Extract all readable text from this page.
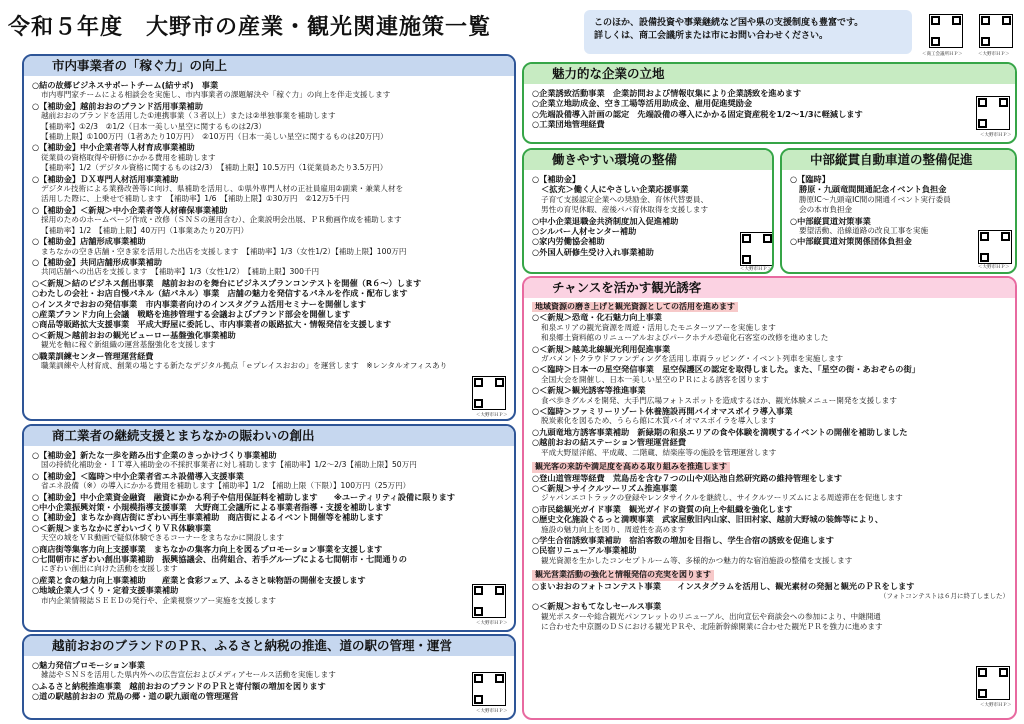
令和５年度　大野市の産業・観光関連施策一覧	このほか、設備投資や事業継続など国や県の支援制度も豊富です。
詳しくは、商工会議所または市にお問い合わせください。
＜商工会議所ＨＰ＞	＜大野市ＨＰ＞
市内事業者の「稼ぐ力」の向上
○結の故郷ビジネスサポートチーム(結サポ)　事業
市内専門家チームによる相談会を実施し、市内事業者の課題解決や「稼ぐ力」の向上を伴走支援します
○【補助金】越前おおのブランド活用事業補助
越前おおのブランドを活用した①連携事業（３者以上）または②単独事業を補助します
【補助率】①2/3　②1/2（日本一美しい星空に関するものは2/3）
【補助上限】①100万円（1者あたり10万円）　②10万円（日本一美しい星空に関するものは20万円）
○【補助金】中小企業者等人材育成事業補助
従業員の資格取得や研修にかかる費用を補助します
【補助率】1/2（デジタル資格に関するものは2/3）　【補助上限】10.5万円（1従業員あたり3.5万円）
○【補助金】ＤＸ専門人材活用事業補助
デジタル技術による業務改善等に向け、県補助を活用し、①県外専門人材の正社員雇用②副業・兼業人材を
活用した際に、上乗せで補助します　【補助率】1/6　【補助上限】①30万円　②12万5千円
○【補助金】＜新規＞中小企業者等人材確保事業補助
採用のためのホームページ作成・改修（ＳＮＳの運用含む）、企業説明会出展、ＰＲ動画作成を補助します
【補助率】1/2　【補助上限】40万円（1事業あたり20万円）
○【補助金】店舗形成事業補助
まちなかの空き店舗・空き家を活用した出店を支援します　【補助率】1/3（女性1/2）【補助上限】100万円
○【補助金】共同店舗形成事業補助
共同店舗への出店を支援します　【補助率】1/3（女性1/2）　【補助上限】300千円
○＜新規＞結のビジネス創出事業　越前おおのを舞台にビジネスプランコンテストを開催（R６～）します
○わたしの会社・お店自慢パネル（結パネル）事業　店舗の魅力を発信するパネルを作成・配布します
○インスタでおおの発信事業　市内事業者向けのインスタグラム活用セミナーを開催します
○産業ブランド力向上会議　戦略を進捗管理する会議およびブランド部会を開催します
○商品等販路拡大支援事業　平成大野屋に委託し、市内事業者の販路拡大・情報発信を支援します
○＜新規＞越前おおの観光ビューロー基盤強化事業補助
観光を軸に稼ぐ新組織の運営基盤強化を支援します
○職業訓練センター管理運営経費
職業訓練や人材育成、創業の場とする新たなデジタル拠点「ｅプレイスおおの」を運営します　※レンタルオフィスあり
＜大野市ＨＰ＞
商工業者の継続支援とまちなかの賑わいの創出
○【補助金】新たな一歩を踏み出す企業のきっかけづくり事業補助
国の持続化補助金・ＩＴ導入補助金の不採択事業者に対し補助します【補助率】1/2～2/3【補助上限】50万円
○【補助金】＜臨時＞中小企業者省エネ設備導入支援事業
省エネ設備（※）の導入にかかる費用を補助します【補助率】1/2　【補助上限（下限）】100万円（25万円）
○【補助金】中小企業資金融資　融資にかかる利子や信用保証料を補助します　　※ユーティリティ設備に限ります
○中小企業振興対策・小規模指導支援事業　大野商工会議所による事業者指導・支援を補助します
○【補助金】まちなか商店街にぎわい再生事業補助　商店街によるイベント開催等を補助します
○＜新規＞まちなかにぎわいづくりＶＲ体験事業
天空の城をＶＲ動画で疑似体験できるコーナーをまちなかに開設します
○商店街等集客力向上支援事業　まちなかの集客力向上を図るプロモーション事業を支援します
○七間朝市にぎわい創出事業補助　振興協議会、出荷組合、若手グループによる七間朝市・七間通りの
にぎわい創出に向けた活動を支援します
○産業と食の魅力向上事業補助　　産業と食彩フェア、ふるさと味物語の開催を支援します
○地域企業人づくり・定着支援事業補助
市内企業情報誌ＳＥＥＤの発行や、企業視察ツアー実施を支援します
＜大野市ＨＰ＞
越前おおのブランドのＰＲ、ふるさと納税の推進、道の駅の管理・運営
○魅力発信プロモーション事業
雑誌やＳＮＳを活用した県内外への広告宣伝およびメディアセールス活動を実施します
○ふるさと納税推進事業　越前おおのブランドのＰＲと寄付額の増加を図ります
○道の駅越前おおの 荒島の郷・道の駅九頭竜の管理運営
＜大野市ＨＰ＞
魅力的な企業の立地
○企業誘致活動事業　企業訪問および情報収集により企業誘致を進めます
○企業立地助成金、空き工場等活用助成金、雇用促進奨励金
○先端設備導入計画の認定　先端設備の導入にかかる固定資産税を1/2～1/3に軽減します
○工業団地管理経費
＜大野市ＨＰ＞
働きやすい環境の整備
○【補助金】
＜拡充＞働く人にやさしい企業応援事業
子育て支援認定企業への奨励金、育休代替要員、
男性の育児休暇、産後パパ育休取得を支援します
○中小企業退職金共済制度加入促進補助
○シルバー人材センター補助
○家内労働協会補助
○外国人研修生受け入れ事業補助
＜大野市ＨＰ＞
中部縦貫自動車道の整備促進
○【臨時】
勝原・九頭竜間開通記念イベント負担金
勝原IC～九頭竜IC間の開通イベント実行委員
会の本市負担金
○中部縦貫道対策事業
要望活動、沿線道路の改良工事を実施
○中部縦貫道対策関係団体負担金
＜大野市ＨＰ＞
チャンスを活かす観光誘客
地域資源の磨き上げと観光資源としての活用を進めます
○＜新規＞恐竜・化石魅力向上事業
和泉エリアの観光資源を周遊・活用したモニターツアーを実施します
和泉郷土資料館のリニューアルおよびパークホテル恐竜化石客室の改修を進めました
○＜新規＞越美北線観光利用促進事業
ガバメントクラウドファンディングを活用し車両ラッピング・イベント列車を実施します
○＜臨時＞日本一の星空発信事業　星空保護区の認定を取得しました。また、「星空の街・あおぞらの街」
全国大会を開催し、日本一美しい星空のＰＲによる誘客を図ります
○＜新規＞観光誘客等推進事業
食べ歩きグルメを開発、大手門広場フォトスポットを造成するほか、観光体験メニュー開発を支援します
○＜臨時＞ファミリーリゾート休養施設再開バイオマスボイラ導入事業
脱炭素化を図るため、うらら館に木質バイオマスボイラを導入します
○九頭竜地方誘客事業補助　新緑期の和泉エリアの食や体験を満喫するイベントの開催を補助しました
○越前おおの結ステーション管理運営経費
平成大野屋洋館、平成蔵、二階蔵、結楽座等の施設を管理運営します
観光客の来訪や満足度を高める取り組みを推進します
○登山道管理等経費　荒島岳を含む７つの山や刈込池自然研究路の維持管理をします
○＜新規＞サイクルツーリズム推進事業
ジャパンエコトラックの登録やレンタサイクルを継続し、サイクルツーリズムによる周遊滞在を促進します
○市民総観光ガイド事業　観光ガイドの資質の向上や組織を強化します
○歴史文化施設ぐるっと満喫事業　武家屋敷旧内山家、旧田村家、越前大野城の装飾等により、
施設の魅力向上を図り、周遊性を高めます
○学生合宿誘致事業補助　宿泊客数の増加を目指し、学生合宿の誘致を促進します
○民宿リニューアル事業補助
観光資源を生かしたコンセプトルーム等、多様的かつ魅力的な宿泊施設の整備を支援します
観光営業活動の強化と情報発信の充実を図ります
○まいおおのフォトコンテスト事業　　インスタグラムを活用し、観光素材の発掘と観光のＰＲをします
（フォトコンテストは６月に終了しました）
○＜新規＞おもてなしセールス事業
観光ポスターや総合観光パンフレットのリニューアル、出向宣伝や商談会への参加により、中継開通
に合わせた中京圏のＤＳにおける観光ＰＲや、北陸新幹線開業に合わせた観光ＰＲを強力に進めます
＜大野市ＨＰ＞
